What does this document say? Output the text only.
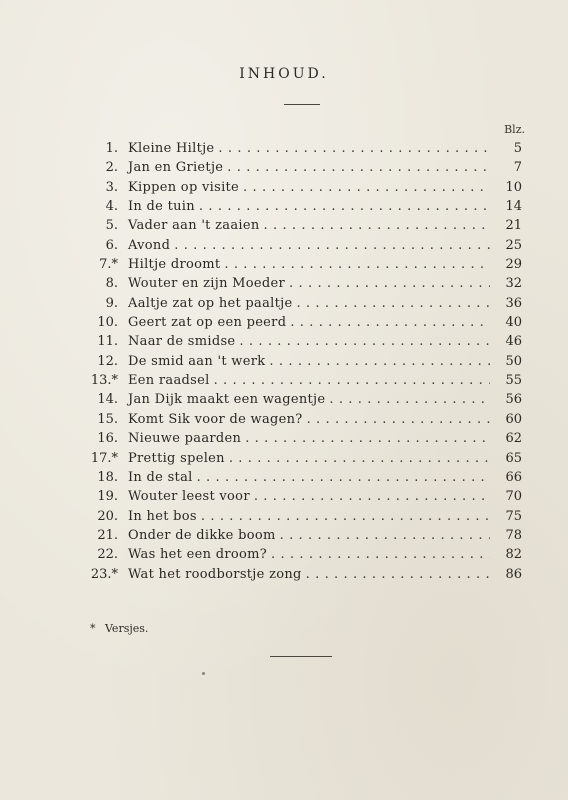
INHOUD.
Blz.
1. Kleine Hiltje . . .	5
2. Jan en Grietje . . .	7
3. Kippen op visite . . .	10
4. In de tuin . . .	14
5. Vader aan 't zaaien . . .	21
6. Avond . . .	25
7.* Hiltje droomt . . .	29
8. Wouter en zijn Moeder . . .	32
9. Aaltje zat op het paaltje . . .	36
10. Geert zat op een peerd . . .	40
11. Naar de smidse . . .	46
12. De smid aan 't werk . . .	50
13.* Een raadsel . . .	55
14. Jan Dijk maakt een wagentje . . .	56
15. Komt Sik voor de wagen? . . .	60
16. Nieuwe paarden . . .	62
17.* Prettig spelen . . .	65
18. In de stal . . .	66
19. Wouter leest voor . . .	70
20. In het bos . . .	75
21. Onder de dikke boom . . .	78
22. Was het een droom? . . .	82
23.* Wat het roodborstje zong . . .	86
* Versjes.
